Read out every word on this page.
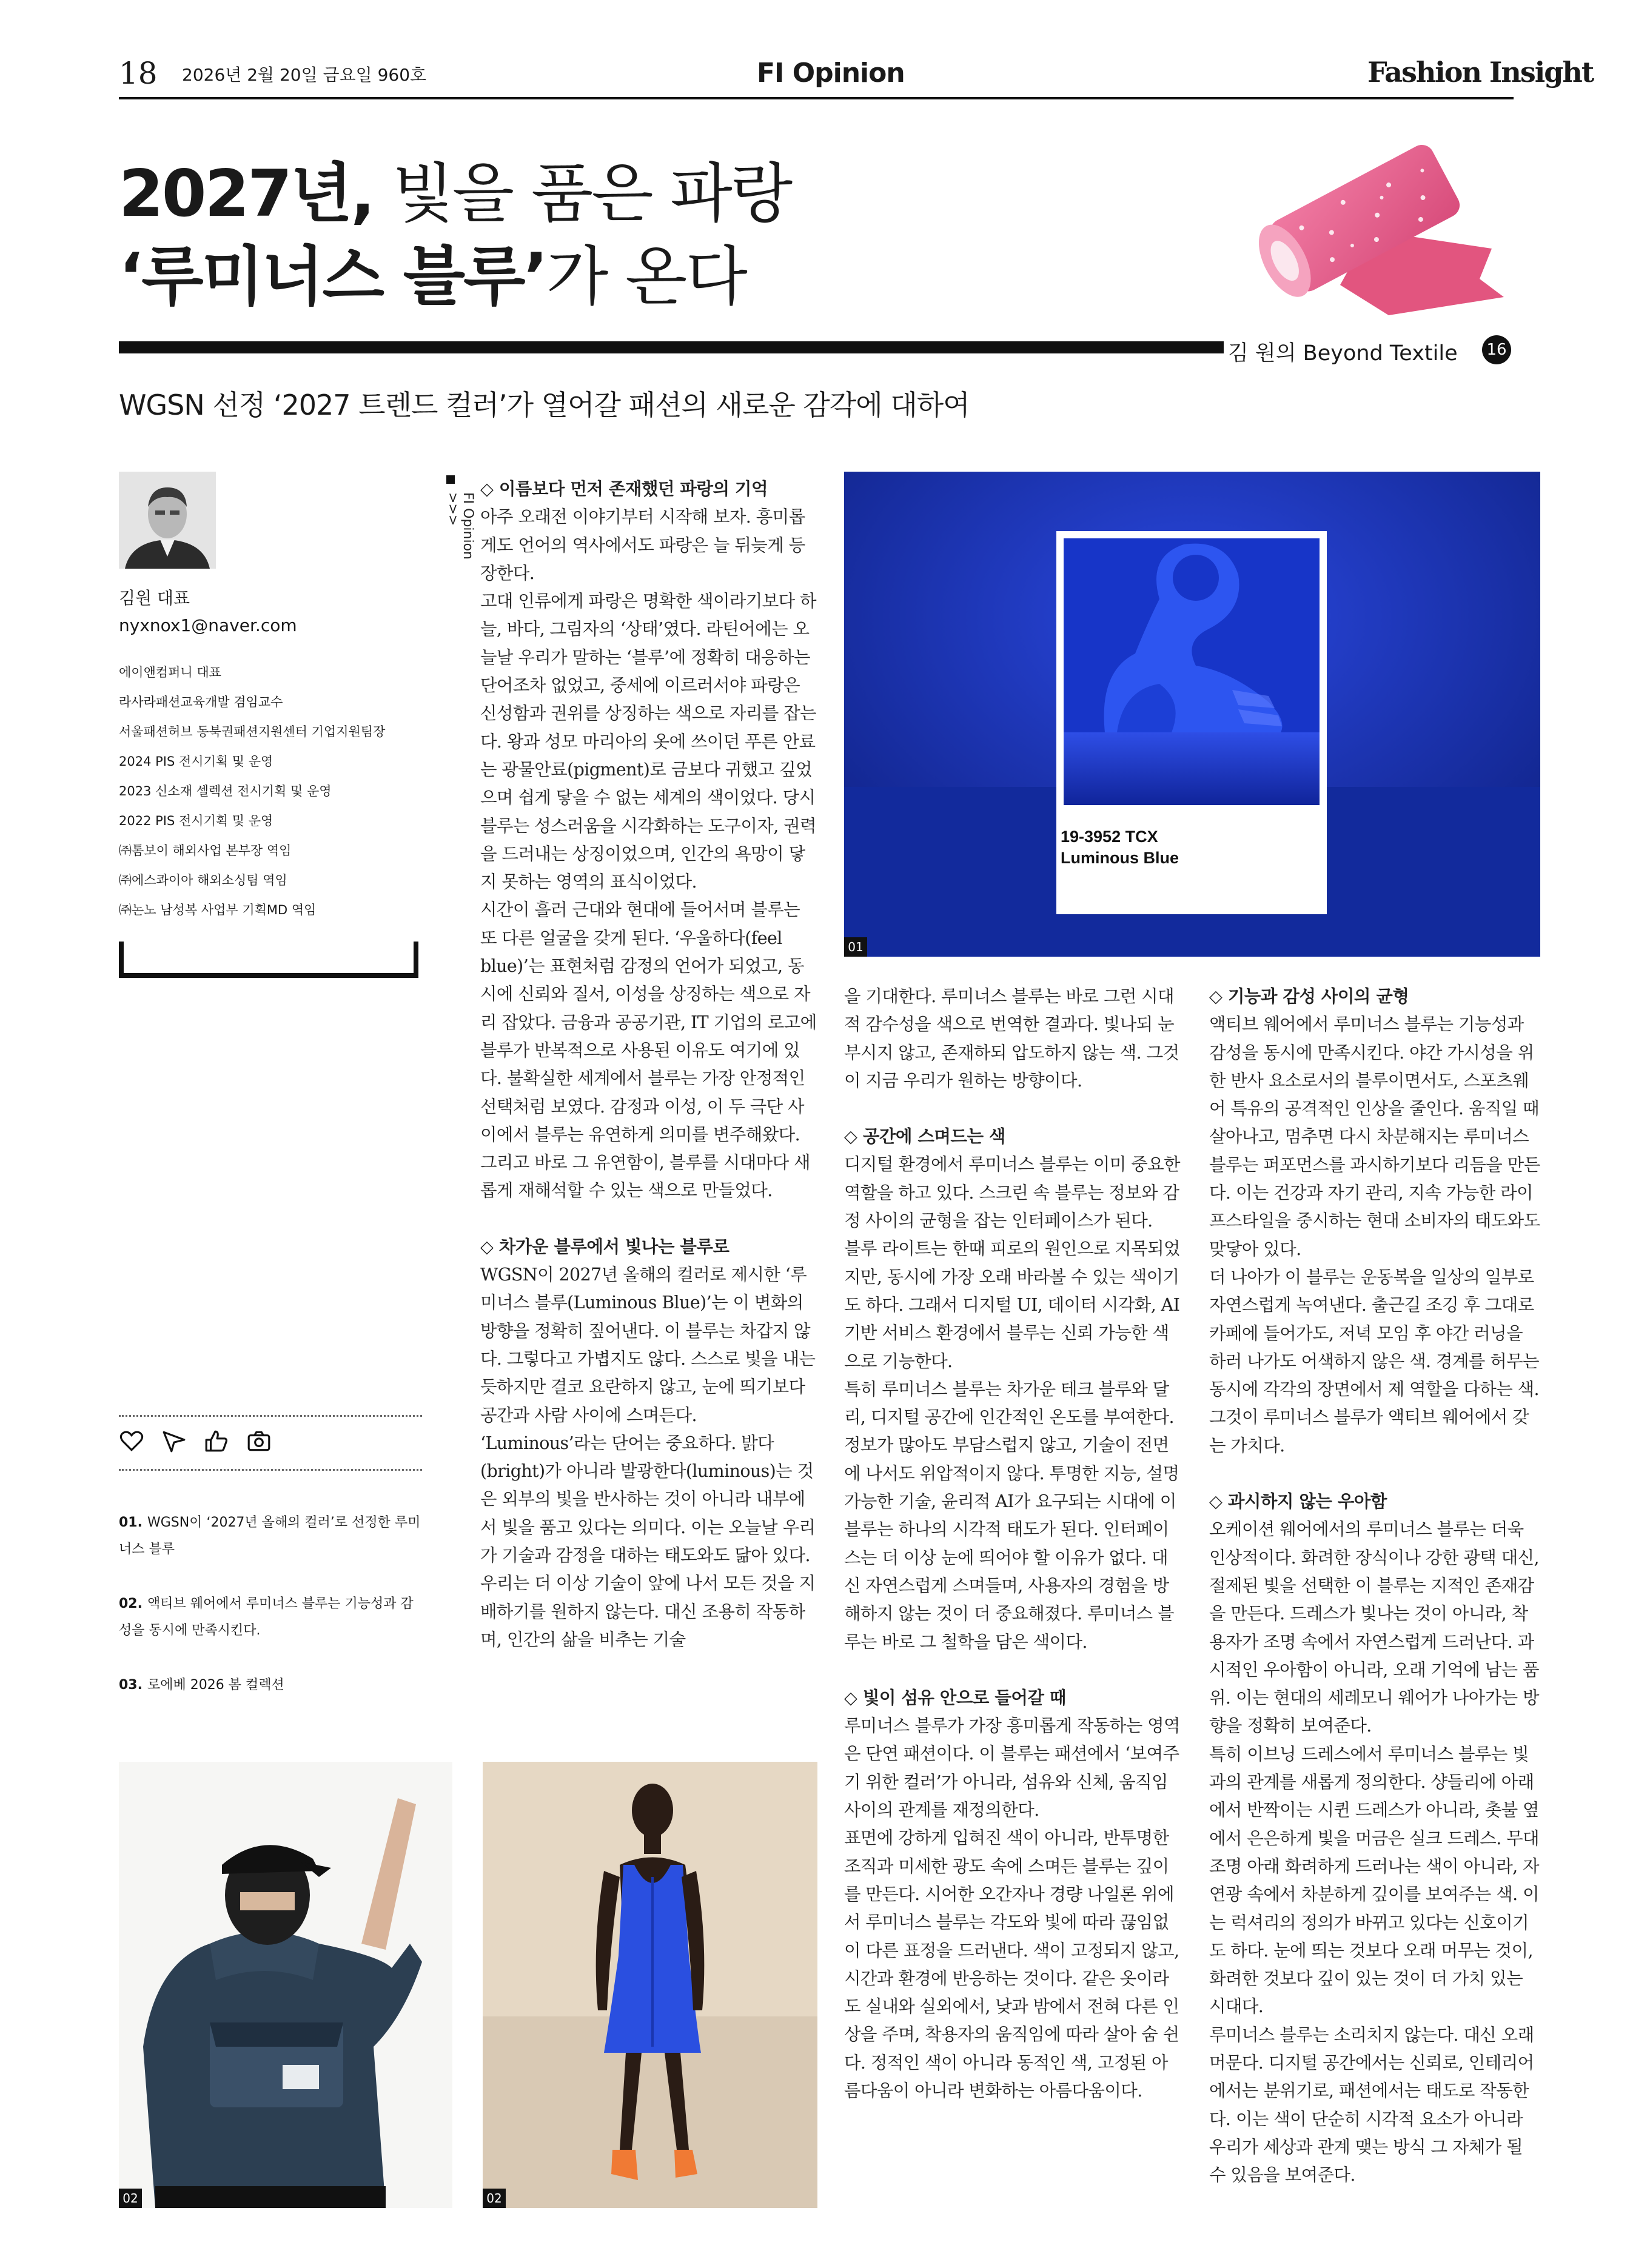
18 2026년 2월 20일 금요일 960호	FI Opinion	Fashion Insight
2027년, 빛을 품은 파랑
‘루미너스 블루’가 온다
김 원의 Beyond Textile 16
WGSN 선정 ‘2027 트렌드 컬러’가 열어갈 패션의 새로운 감각에 대하여
김원 대표
nyxnox1@naver.com
에이앤컴퍼니 대표
라사라패션교육개발 겸임교수
서울패션허브 동북권패션지원센터 기업지원팀장
2024 PIS 전시기획 및 운영
2023 신소재 셀렉션 전시기획 및 운영
2022 PIS 전시기획 및 운영
㈜톰보이 해외사업 본부장 역임
㈜에스콰이아 해외소싱팀 역임
㈜논노 남성복 사업부 기획MD 역임
01. WGSN이 ‘2027년 올해의 컬러’로 선정한 루미너스 블루
02. 액티브 웨어에서 루미너스 블루는 기능성과 감성을 동시에 만족시킨다.
03. 로에베 2026 봄 컬렉션
FI Opinion >>>
◇ 이름보다 먼저 존재했던 파랑의 기억

아주 오래전 이야기부터 시작해 보자. 흥미롭게도 언어의 역사에서도 파랑은 늘 뒤늦게 등장한다.

고대 인류에게 파랑은 명확한 색이라기보다 하늘, 바다, 그림자의 ‘상태’였다. 라틴어에는 오늘날 우리가 말하는 ‘블루’에 정확히 대응하는 단어조차 없었고, 중세에 이르러서야 파랑은 신성함과 권위를 상징하는 색으로 자리를 잡는다. 왕과 성모 마리아의 옷에 쓰이던 푸른 안료는 광물안료(pigment)로 금보다 귀했고 깊었으며 쉽게 닿을 수 없는 세계의 색이었다. 당시 블루는 성스러움을 시각화하는 도구이자, 권력을 드러내는 상징이었으며, 인간의 욕망이 닿지 못하는 영역의 표식이었다.

시간이 흘러 근대와 현대에 들어서며 블루는 또 다른 얼굴을 갖게 된다. ‘우울하다(feel blue)’는 표현처럼 감정의 언어가 되었고, 동시에 신뢰와 질서, 이성을 상징하는 색으로 자리 잡았다. 금융과 공공기관, IT 기업의 로고에 블루가 반복적으로 사용된 이유도 여기에 있다. 불확실한 세계에서 블루는 가장 안정적인 선택처럼 보였다. 감정과 이성, 이 두 극단 사이에서 블루는 유연하게 의미를 변주해왔다. 그리고 바로 그 유연함이, 블루를 시대마다 새롭게 재해석할 수 있는 색으로 만들었다.

◇ 차가운 블루에서 빛나는 블루로

WGSN이 2027년 올해의 컬러로 제시한 ‘루미너스 블루(Luminous Blue)’는 이 변화의 방향을 정확히 짚어낸다. 이 블루는 차갑지 않다. 그렇다고 가볍지도 않다. 스스로 빛을 내는 듯하지만 결코 요란하지 않고, 눈에 띄기보다 공간과 사람 사이에 스며든다.

‘Luminous’라는 단어는 중요하다. 밝다(bright)가 아니라 발광한다(luminous)는 것은 외부의 빛을 반사하는 것이 아니라 내부에서 빛을 품고 있다는 의미다. 이는 오늘날 우리가 기술과 감정을 대하는 태도와도 닮아 있다. 우리는 더 이상 기술이 앞에 나서 모든 것을 지배하기를 원하지 않는다. 대신 조용히 작동하며, 인간의 삶을 비추는 기술

19-3952 TCX
Luminous Blue
01

을 기대한다. 루미너스 블루는 바로 그런 시대적 감수성을 색으로 번역한 결과다. 빛나되 눈부시지 않고, 존재하되 압도하지 않는 색. 그것이 지금 우리가 원하는 방향이다.

◇ 공간에 스며드는 색

디지털 환경에서 루미너스 블루는 이미 중요한 역할을 하고 있다. 스크린 속 블루는 정보와 감정 사이의 균형을 잡는 인터페이스가 된다.

블루 라이트는 한때 피로의 원인으로 지목되었지만, 동시에 가장 오래 바라볼 수 있는 색이기도 하다. 그래서 디지털 UI, 데이터 시각화, AI 기반 서비스 환경에서 블루는 신뢰 가능한 색으로 기능한다.

특히 루미너스 블루는 차가운 테크 블루와 달리, 디지털 공간에 인간적인 온도를 부여한다. 정보가 많아도 부담스럽지 않고, 기술이 전면에 나서도 위압적이지 않다. 투명한 지능, 설명 가능한 기술, 윤리적 AI가 요구되는 시대에 이 블루는 하나의 시각적 태도가 된다. 인터페이스는 더 이상 눈에 띄어야 할 이유가 없다. 대신 자연스럽게 스며들며, 사용자의 경험을 방해하지 않는 것이 더 중요해졌다. 루미너스 블루는 바로 그 철학을 담은 색이다.

◇ 빛이 섬유 안으로 들어갈 때

루미너스 블루가 가장 흥미롭게 작동하는 영역은 단연 패션이다. 이 블루는 패션에서 ‘보여주기 위한 컬러’가 아니라, 섬유와 신체, 움직임 사이의 관계를 재정의한다.

표면에 강하게 입혀진 색이 아니라, 반투명한 조직과 미세한 광도 속에 스며든 블루는 깊이를 만든다. 시어한 오간자나 경량 나일론 위에서 루미너스 블루는 각도와 빛에 따라 끊임없이 다른 표정을 드러낸다. 색이 고정되지 않고, 시간과 환경에 반응하는 것이다. 같은 옷이라도 실내와 실외에서, 낮과 밤에서 전혀 다른 인상을 주며, 착용자의 움직임에 따라 살아 숨 쉰다. 정적인 색이 아니라 동적인 색, 고정된 아름다움이 아니라 변화하는 아름다움이다.

◇ 기능과 감성 사이의 균형

액티브 웨어에서 루미너스 블루는 기능성과 감성을 동시에 만족시킨다. 야간 가시성을 위한 반사 요소로서의 블루이면서도, 스포츠웨어 특유의 공격적인 인상을 줄인다. 움직일 때 살아나고, 멈추면 다시 차분해지는 루미너스 블루는 퍼포먼스를 과시하기보다 리듬을 만든다. 이는 건강과 자기 관리, 지속 가능한 라이프스타일을 중시하는 현대 소비자의 태도와도 맞닿아 있다.

더 나아가 이 블루는 운동복을 일상의 일부로 자연스럽게 녹여낸다. 출근길 조깅 후 그대로 카페에 들어가도, 저녁 모임 후 야간 러닝을 하러 나가도 어색하지 않은 색. 경계를 허무는 동시에 각각의 장면에서 제 역할을 다하는 색. 그것이 루미너스 블루가 액티브 웨어에서 갖는 가치다.

◇ 과시하지 않는 우아함

오케이션 웨어에서의 루미너스 블루는 더욱 인상적이다. 화려한 장식이나 강한 광택 대신, 절제된 빛을 선택한 이 블루는 지적인 존재감을 만든다. 드레스가 빛나는 것이 아니라, 착용자가 조명 속에서 자연스럽게 드러난다. 과시적인 우아함이 아니라, 오래 기억에 남는 품위. 이는 현대의 세레모니 웨어가 나아가는 방향을 정확히 보여준다.

특히 이브닝 드레스에서 루미너스 블루는 빛과의 관계를 새롭게 정의한다. 샹들리에 아래에서 반짝이는 시퀸 드레스가 아니라, 촛불 옆에서 은은하게 빛을 머금은 실크 드레스. 무대 조명 아래 화려하게 드러나는 색이 아니라, 자연광 속에서 차분하게 깊이를 보여주는 색. 이는 럭셔리의 정의가 바뀌고 있다는 신호이기도 하다. 눈에 띄는 것보다 오래 머무는 것이, 화려한 것보다 깊이 있는 것이 더 가치 있는 시대다.

루미너스 블루는 소리치지 않는다. 대신 오래 머문다. 디지털 공간에서는 신뢰로, 인테리어에서는 분위기로, 패션에서는 태도로 작동한다. 이는 색이 단순히 시각적 요소가 아니라 우리가 세상과 관계 맺는 방식 그 자체가 될 수 있음을 보여준다.

02	02
